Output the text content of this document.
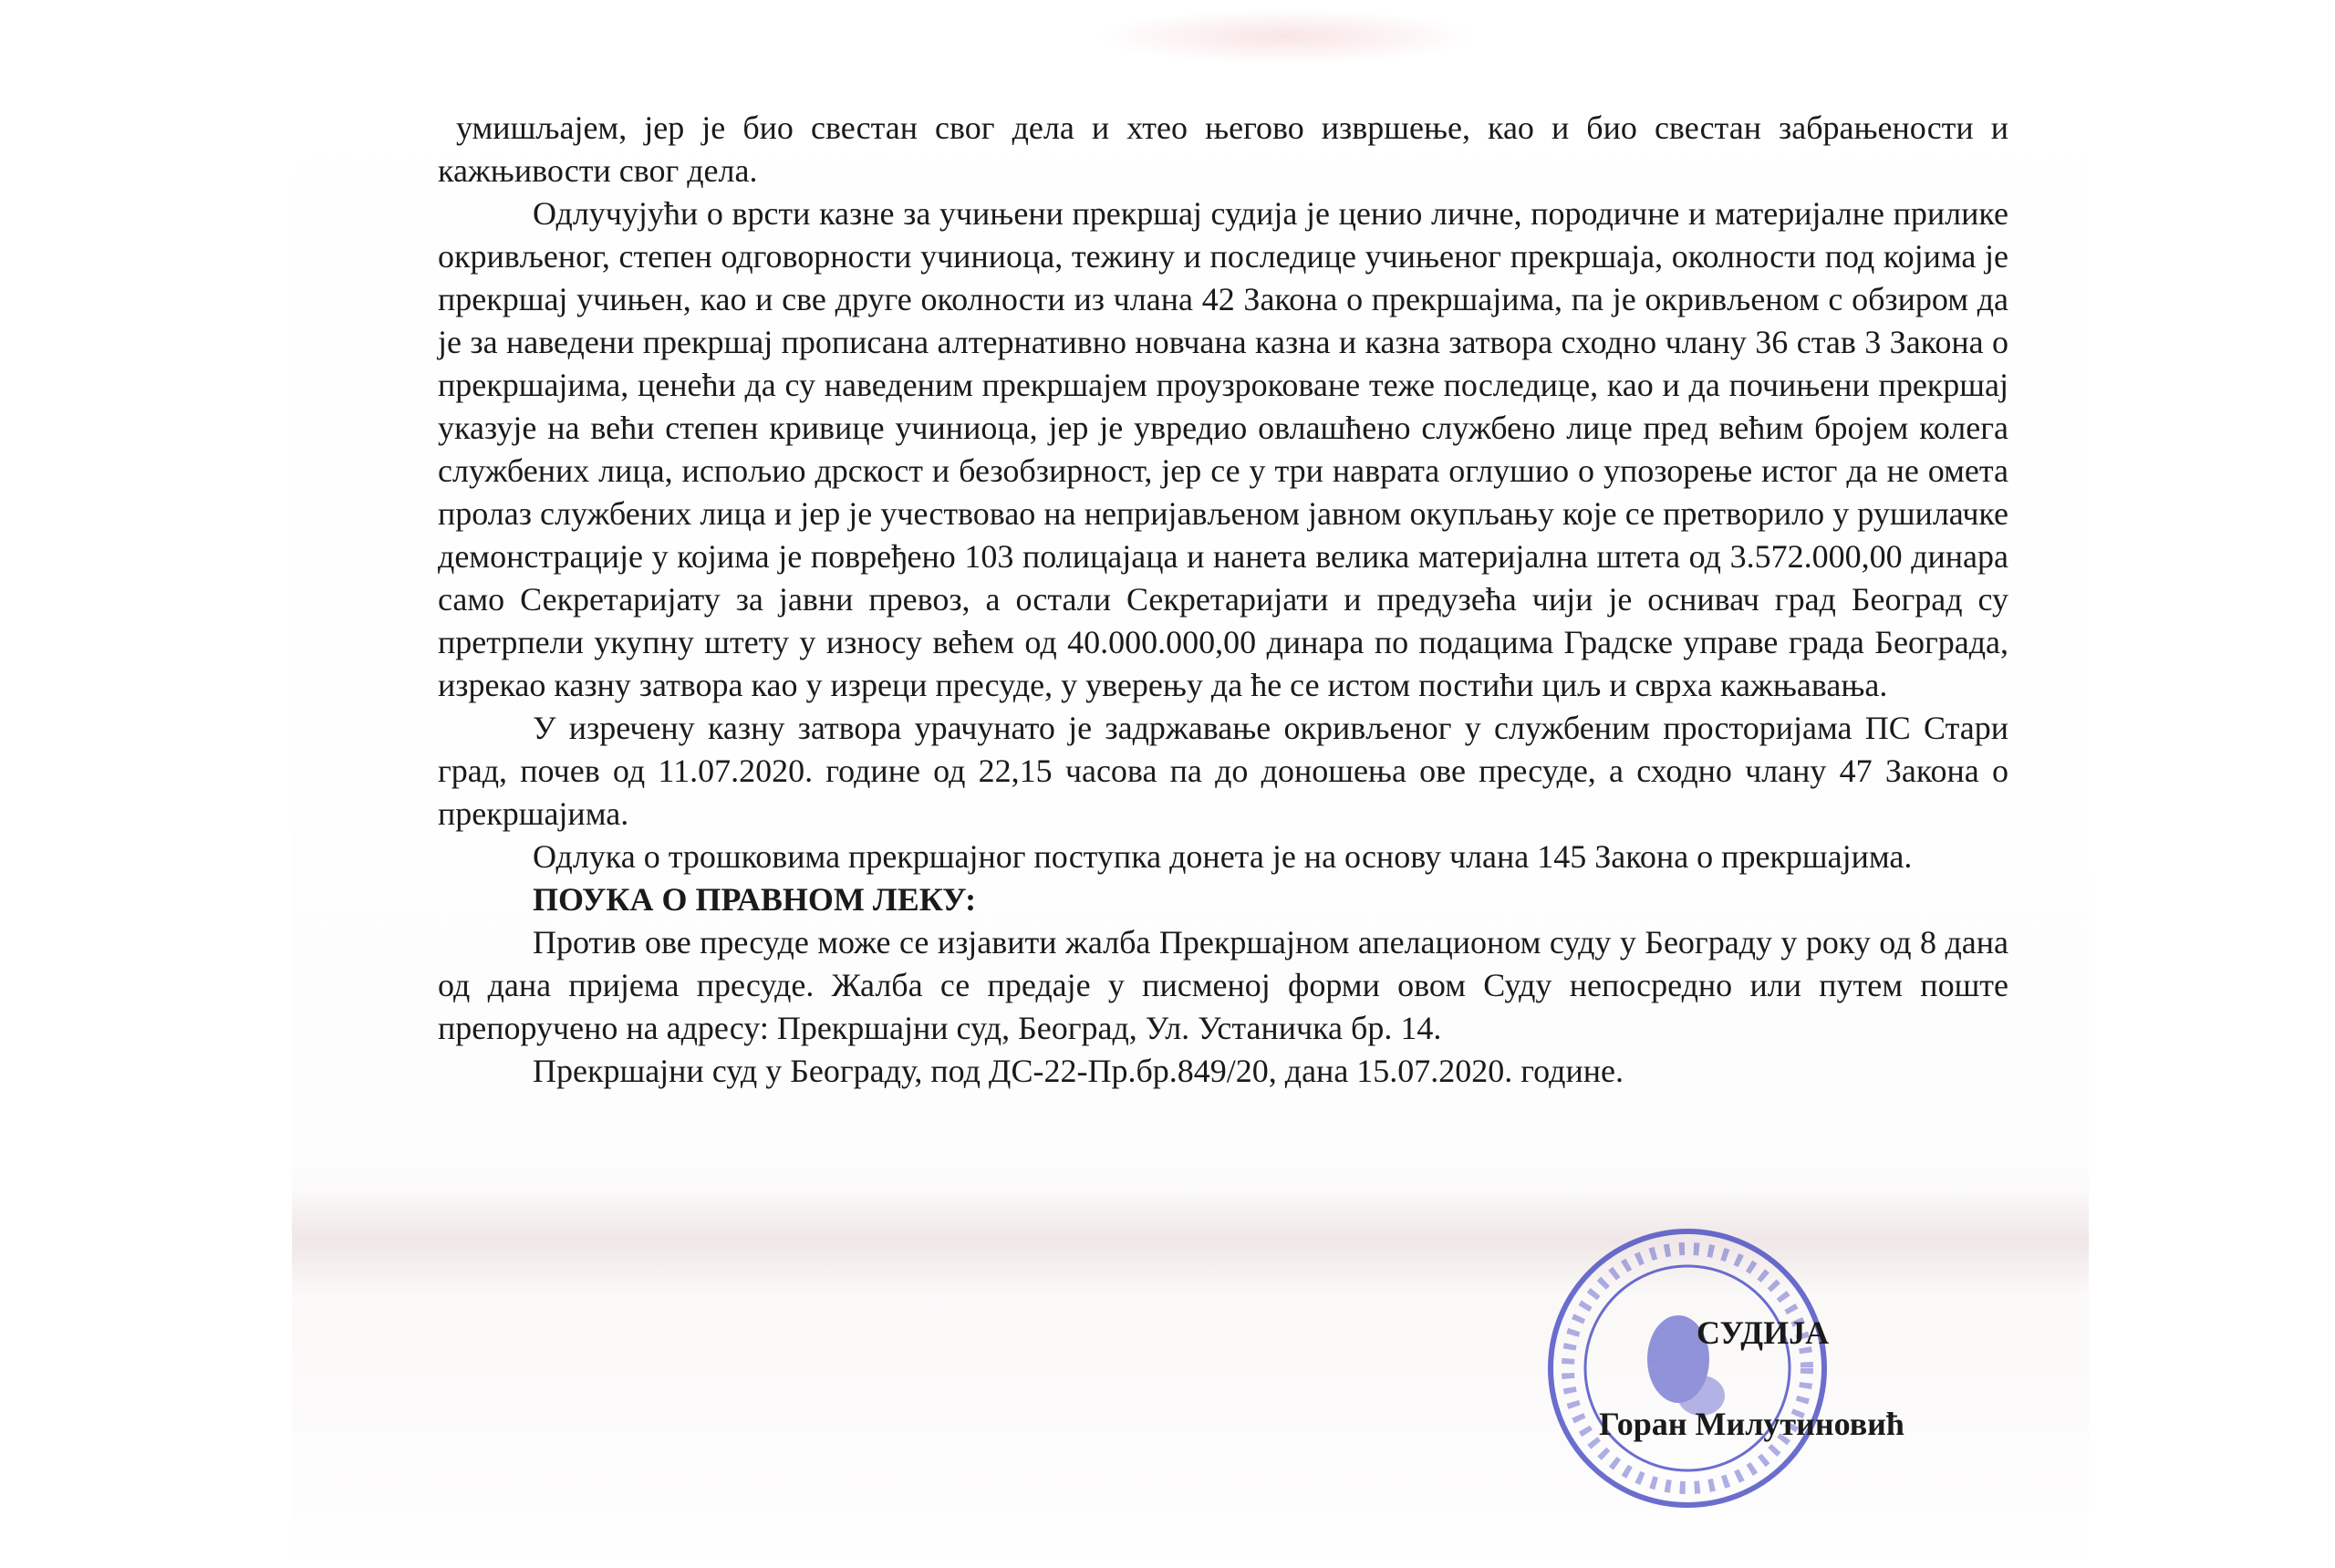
умишљајем, јер је био свестан свог дела и хтео његово извршење, као и био свестан забрањености и кажњивости свог дела.

Одлучујући о врсти казне за учињени прекршај судија је ценио личне, породичне и материјалне прилике окривљеног, степен одговорности учиниоца, тежину и последице учињеног прекршаја, околности под којима је прекршај учињен, као и све друге околности из члана 42 Закона о прекршајима, па је окривљеном с обзиром да је за наведени прекршај прописана алтернативно новчана казна и казна затвора сходно члану 36 став 3 Закона о прекршајима, ценећи да су наведеним прекршајем проузроковане теже последице, као и да почињени прекршај указује на већи степен кривице учиниоца, јер је увредио овлашћено службено лице пред већим бројем колега службених лица, испољио дрскост и безобзирност, јер се у три наврата оглушио о упозорење истог да не омета пролаз службених лица и јер је учествовао на непријављеном јавном окупљању које се претворило у рушилачке демонстрације у којима је повређено 103 полицајаца и нанета велика материјална штета од 3.572.000,00 динара само Секретаријату за јавни превоз, а остали Секретаријати и предузећа чији је оснивач град Београд су претрпели укупну штету у износу већем од 40.000.000,00 динара по подацима Градске управе града Београда, изрекао казну затвора као у изреци пресуде, у уверењу да ће се истом постићи циљ и сврха кажњавања.

У изречену казну затвора урачунато је задржавање окривљеног у службеним просторијама ПС Стари град, почев од 11.07.2020. године од 22,15 часова па до доношења ове пресуде, а сходно члану 47 Закона о прекршајима.

Одлука о трошковима прекршајног поступка донета је на основу члана 145 Закона о прекршајима.

ПОУКА О ПРАВНОМ ЛЕКУ:

Против ове пресуде може се изјавити жалба Прекршајном апелационом суду у Београду у року од 8 дана од дана пријема пресуде. Жалба се предаје у писменој форми овом Суду непосредно или путем поште препоручено на адресу: Прекршајни суд, Београд, Ул. Устаничка бр. 14.

Прекршајни суд у Београду, под ДС-22-Пр.бр.849/20, дана 15.07.2020. године.

СУДИЈА
Горан Милутиновић
